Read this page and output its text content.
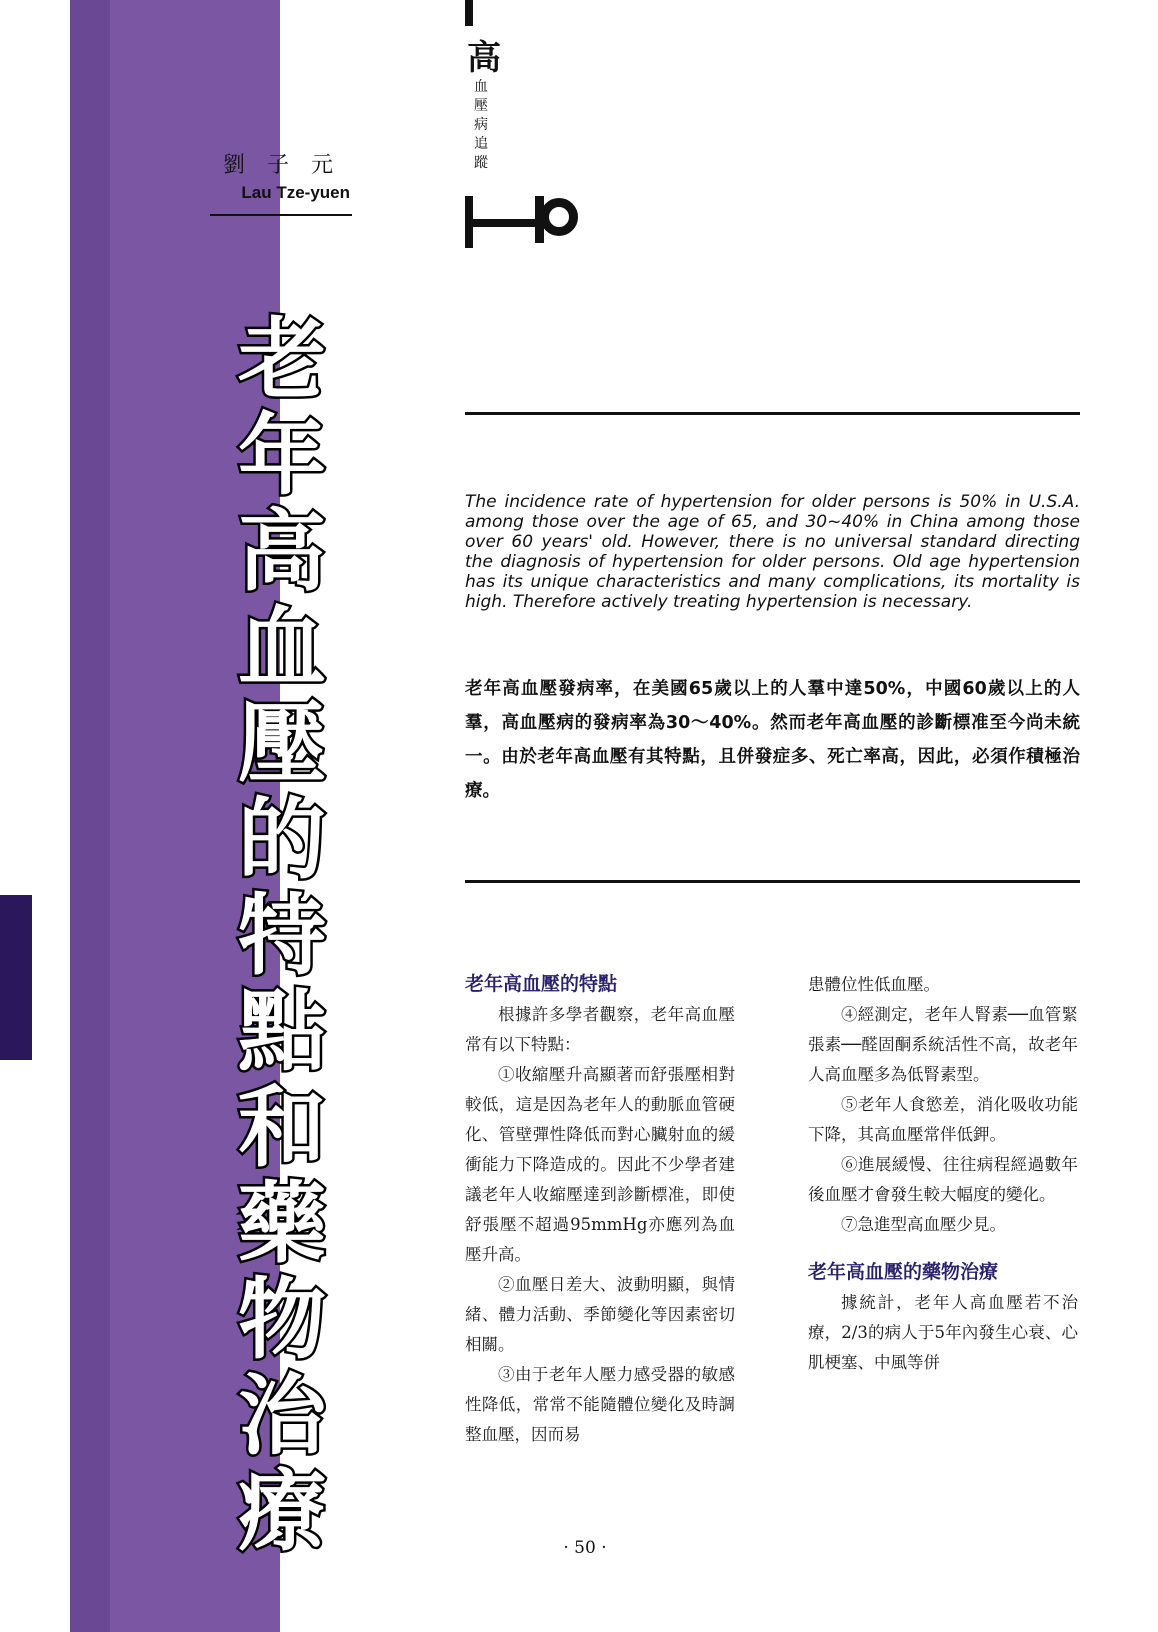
劉子元
Lau Tze-yuen
老
年
高
血
壓
的
特
點
和
藥
物
治
療
高
血
壓
病
追
蹤
The incidence rate of hypertension for older persons is 50% in U.S.A. among those over the age of 65, and 30~40% in China among those over 60 years' old. However, there is no universal standard directing the diagnosis of hypertension for older persons. Old age hypertension has its unique characteristics and many complications, its mortality is high. Therefore actively treating hypertension is necessary.
老年高血壓發病率，在美國65歲以上的人羣中達50%，中國60歲以上的人羣，高血壓病的發病率為30〜40%。然而老年高血壓的診斷標准至今尚未統一。由於老年高血壓有其特點，且併發症多、死亡率高，因此，必須作積極治療。
老年高血壓的特點

根據許多學者觀察，老年高血壓常有以下特點：

①收縮壓升高顯著而舒張壓相對較低，這是因為老年人的動脈血管硬化、管壁彈性降低而對心臟射血的緩衝能力下降造成的。因此不少學者建議老年人收縮壓達到診斷標准，即使舒張壓不超過95mmHg亦應列為血壓升高。

②血壓日差大、波動明顯，與情緒、體力活動、季節變化等因素密切相關。

③由于老年人壓力感受器的敏感性降低，常常不能隨體位變化及時調整血壓，因而易

患體位性低血壓。

④經測定，老年人腎素──血管緊張素──醛固酮系統活性不高，故老年人高血壓多為低腎素型。

⑤老年人食慾差，消化吸收功能下降，其高血壓常伴低鉀。

⑥進展緩慢、往往病程經過數年後血壓才會發生較大幅度的變化。

⑦急進型高血壓少見。

老年高血壓的藥物治療

據統計，老年人高血壓若不治療，2/3的病人于5年內發生心衰、心肌梗塞、中風等併

· 50 ·
